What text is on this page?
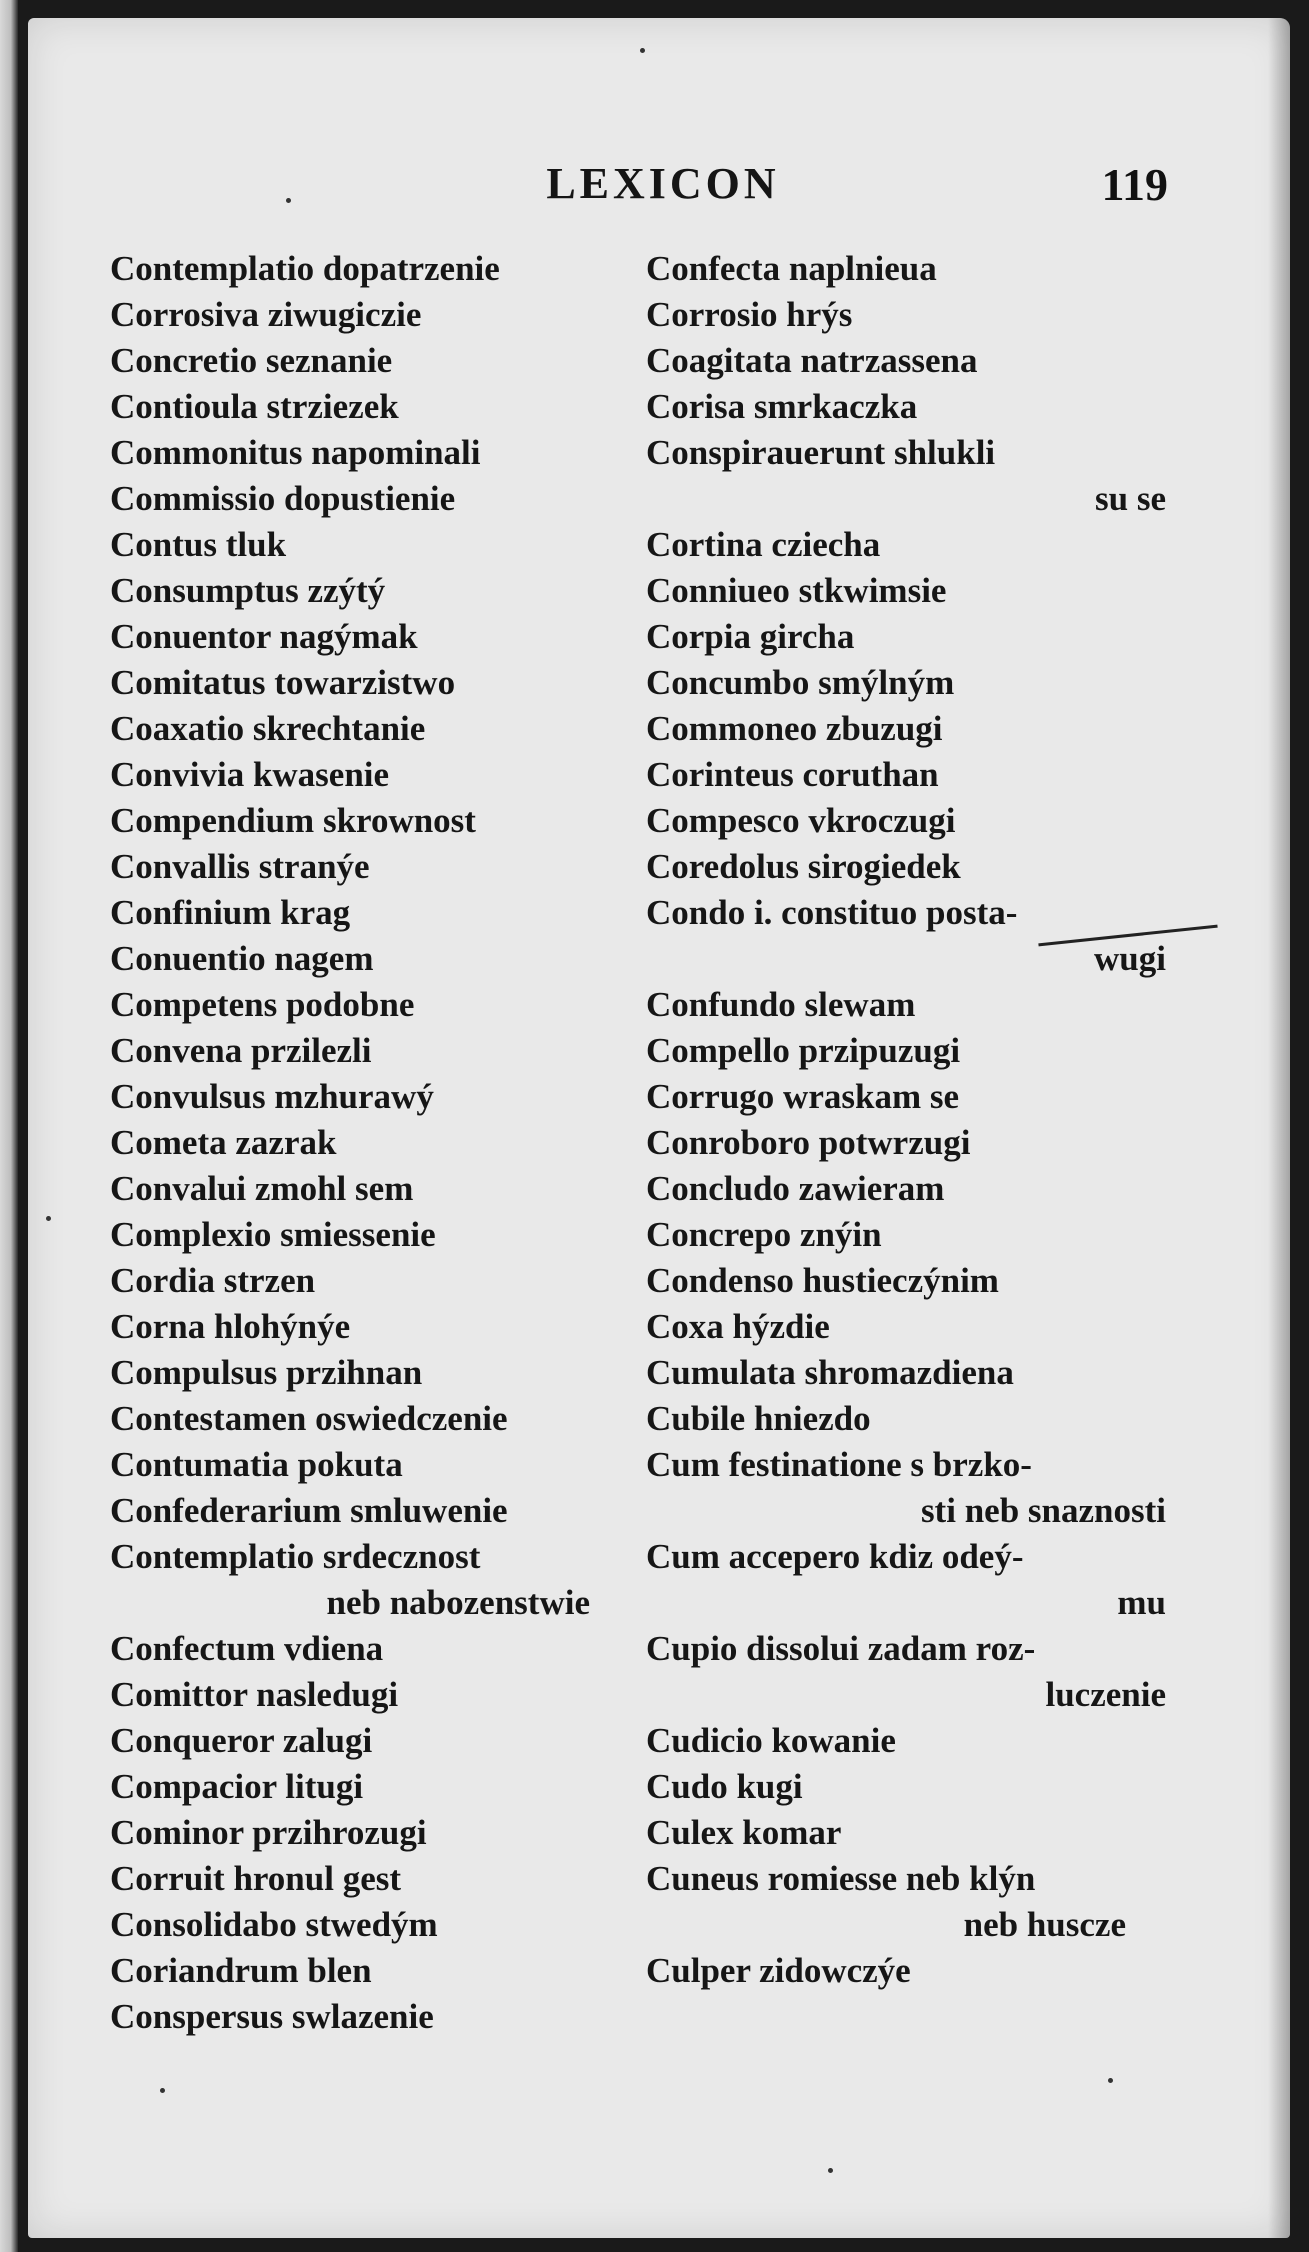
LEXICON	119
Contemplatio dopatrzenie
Corrosiva ziwugiczie
Concretio seznanie
Contioula strziezek
Commonitus napominali
Commissio dopustienie
Contus tluk
Consumptus zzýtý
Conuentor nagýmak
Comitatus towarzistwo
Coaxatio skrechtanie
Convivia kwasenie
Compendium skrownost
Convallis stranýe
Confinium krag
Conuentio nagem
Competens podobne
Convena przilezli
Convulsus mzhurawý
Cometa zazrak
Convalui zmohl sem
Complexio smiessenie
Cordia strzen
Corna hlohýnýe
Compulsus przihnan
Contestamen oswiedczenie
Contumatia pokuta
Confederarium smluwenie
Contemplatio srdecznost
neb nabozenstwie
Confectum vdiena
Comittor nasledugi
Conqueror zalugi
Compacior litugi
Cominor przihrozugi
Corruit hronul gest
Consolidabo stwedým
Coriandrum blen
Conspersus swlazenie
Confecta naplnieua
Corrosio hrýs
Coagitata natrzassena
Corisa smrkaczka
Conspirauerunt shlukli
su se
Cortina cziecha
Conniueo stkwimsie
Corpia gircha
Concumbo smýlným
Commoneo zbuzugi
Corinteus coruthan
Compesco vkroczugi
Coredolus sirogiedek
Condo i. constituo posta-
wugi
Confundo slewam
Compello przipuzugi
Corrugo wraskam se
Conroboro potwrzugi
Concludo zawieram
Concrepo znýin
Condenso hustieczýnim
Coxa hýzdie
Cumulata shromazdiena
Cubile hniezdo
Cum festinatione s brzko-
sti neb snaznosti
Cum accepero kdiz odeý-
mu
Cupio dissolui zadam roz-
luczenie
Cudicio kowanie
Cudo kugi
Culex komar
Cuneus romiesse neb klýn
neb huscze
Culper zidowczýe
